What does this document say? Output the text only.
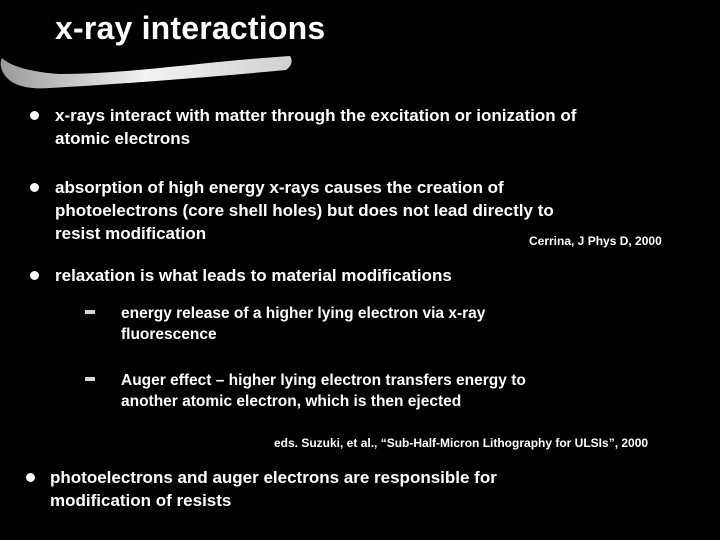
x-ray interactions
x-rays interact with matter through the excitation or ionization of
atomic electrons
absorption of high energy x-rays causes the creation of
photoelectrons (core shell holes) but does not lead directly to
resist modification	Cerrina, J Phys D, 2000
relaxation is what leads to material modifications
energy release of a higher lying electron via x-ray
fluorescence
Auger effect – higher lying electron transfers energy to
another atomic electron, which is then ejected
eds. Suzuki, et al., “Sub-Half-Micron Lithography for ULSIs”, 2000
photoelectrons and auger electrons are responsible for
modification of resists
